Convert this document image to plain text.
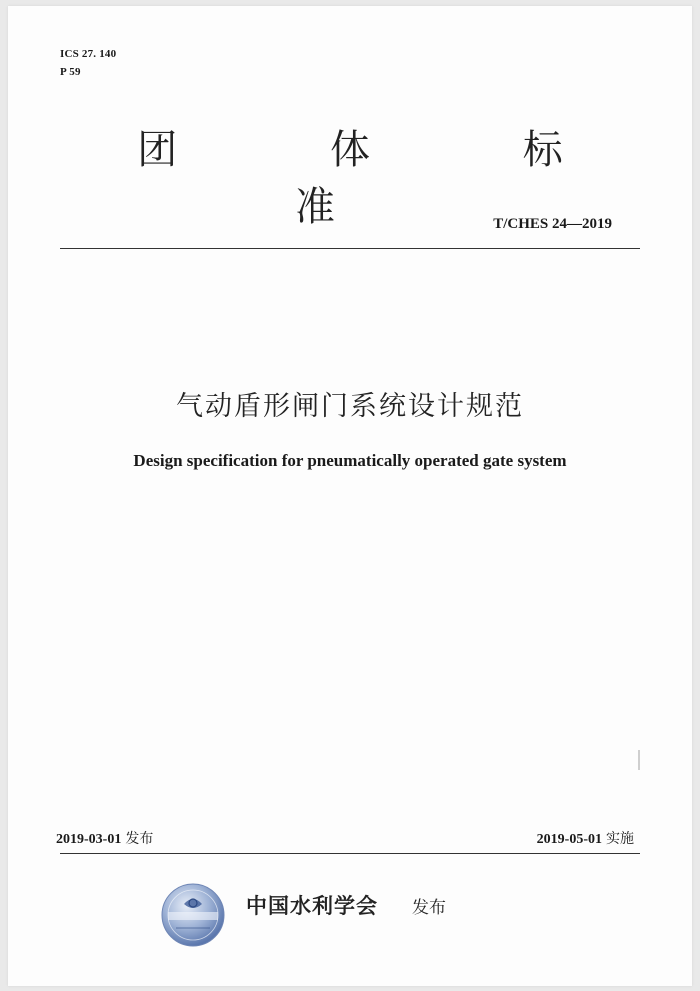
ICS 27. 140
P 59
团 体 标 准	T/CHES 24—2019
气动盾形闸门系统设计规范
Design specification for pneumatically operated gate system
2019-03-01 发布	2019-05-01 实施
中国水利学会 发布
